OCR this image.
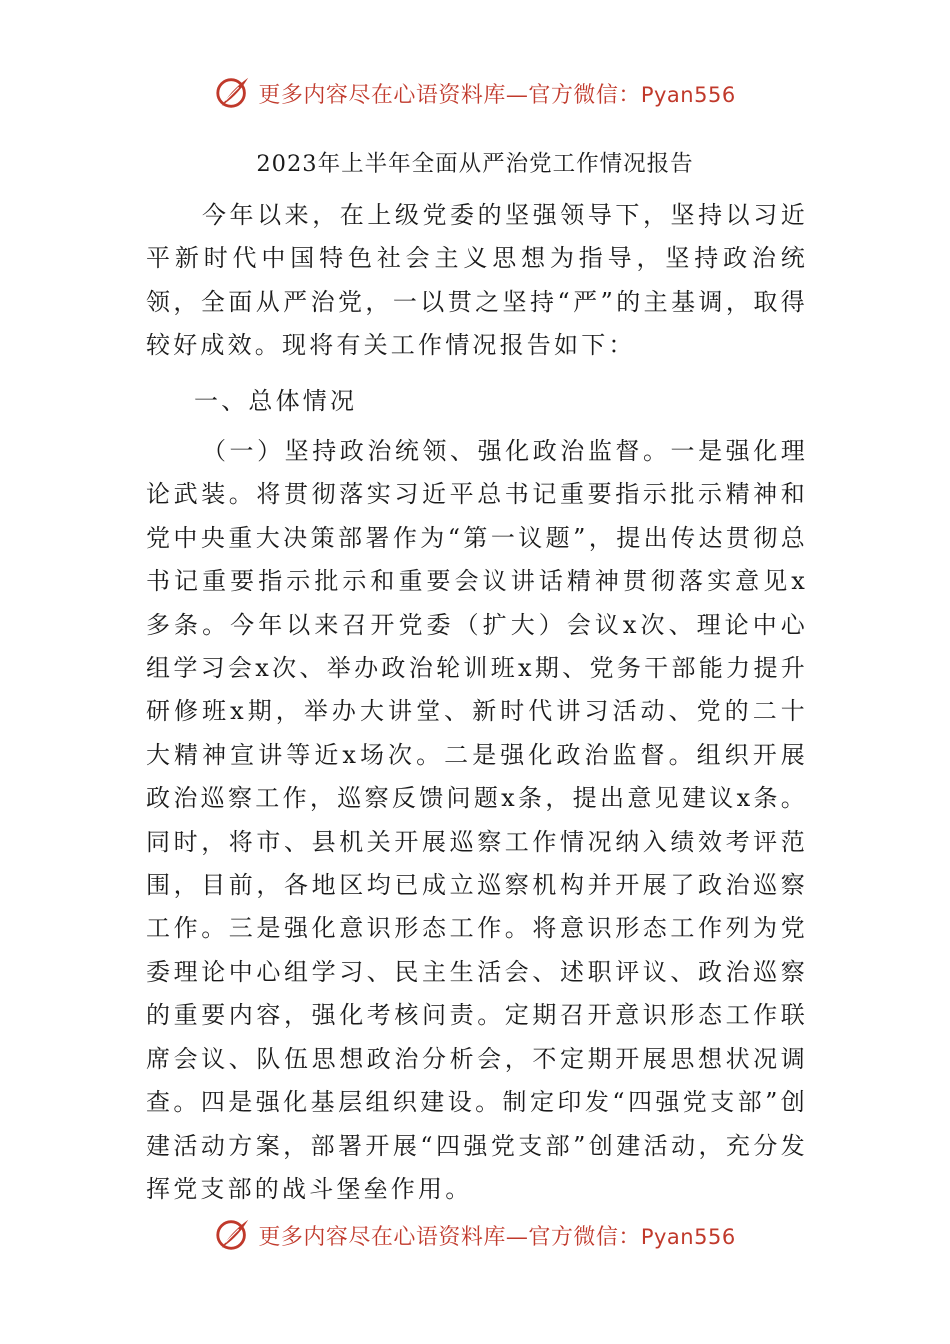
更多内容尽在心语资料库—官方微信：Pyan556
2023年上半年全面从严治党工作情况报告
今年以来，在上级党委的坚强领导下，坚持以习近平新时代中国特色社会主义思想为指导，坚持政治统领，全面从严治党，一以贯之坚持“严”的主基调，取得较好成效。现将有关工作情况报告如下：
一、总体情况
（一）坚持政治统领、强化政治监督。一是强化理论武装。将贯彻落实习近平总书记重要指示批示精神和党中央重大决策部署作为“第一议题”，提出传达贯彻总书记重要指示批示和重要会议讲话精神贯彻落实意见x多条。今年以来召开党委（扩大）会议x次、理论中心组学习会x次、举办政治轮训班x期、党务干部能力提升研修班x期，举办大讲堂、新时代讲习活动、党的二十大精神宣讲等近x场次。二是强化政治监督。组织开展政治巡察工作，巡察反馈问题x条，提出意见建议x条。同时，将市、县机关开展巡察工作情况纳入绩效考评范围，目前，各地区均已成立巡察机构并开展了政治巡察工作。三是强化意识形态工作。将意识形态工作列为党委理论中心组学习、民主生活会、述职评议、政治巡察的重要内容，强化考核问责。定期召开意识形态工作联席会议、队伍思想政治分析会，不定期开展思想状况调查。四是强化基层组织建设。制定印发“四强党支部”创建活动方案，部署开展“四强党支部”创建活动，充分发挥党支部的战斗堡垒作用。
更多内容尽在心语资料库—官方微信：Pyan556
